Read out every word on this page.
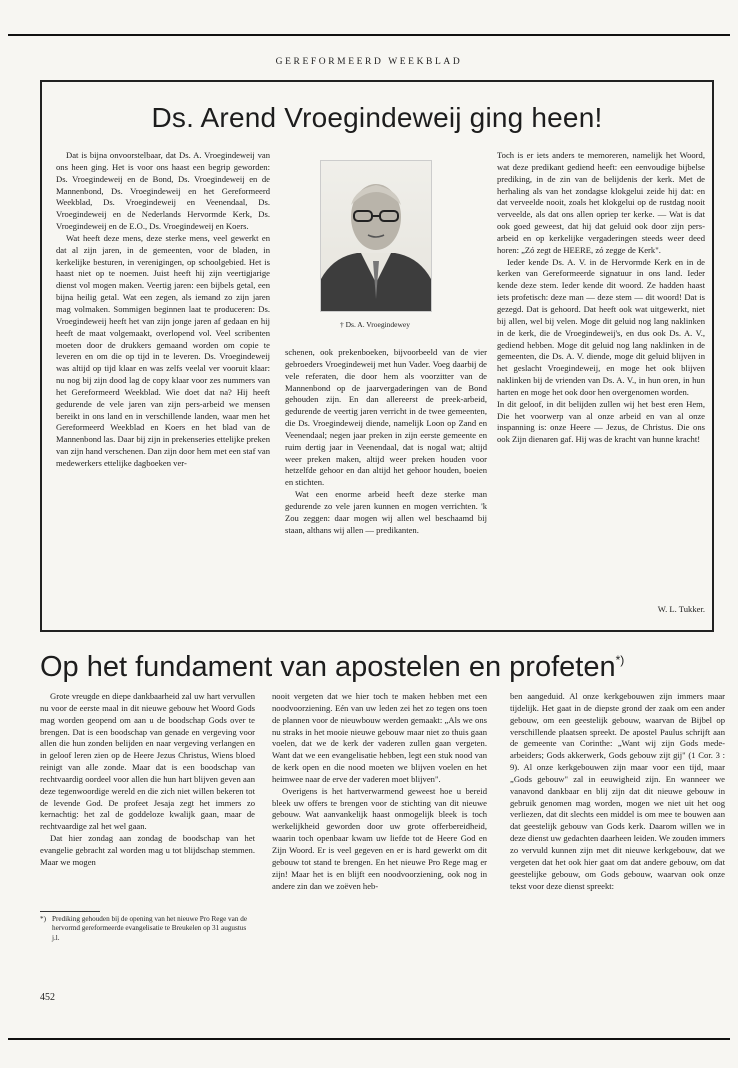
GEREFORMEERD WEEKBLAD
Ds. Arend Vroegindeweij ging heen!

Dat is bijna onvoorstelbaar, dat Ds. A. Vroegindeweij van ons heen ging. Het is voor ons haast een begrip geworden: Ds. Vroegindeweij en de Bond, Ds. Vroegindeweij en de Mannenbond, Ds. Vroegindeweij en het Gereformeerd Weekblad, Ds. Vroegindeweij en Veenendaal, Ds. Vroegindeweij en de Nederlands Hervormde Kerk, Ds. Vroegindeweij en de E.O., Ds. Vroegindeweij en Koers.

Wat heeft deze mens, deze sterke mens, veel gewerkt en dat al zijn jaren, in de gemeenten, voor de bladen, in kerkelijke besturen, in verenigingen, op schoolgebied. Het is haast niet op te noemen. Juist heeft hij zijn veertigjarige dienst vol mogen maken. Veertig jaren: een bijbels getal, een bijna heilig getal. Wat een zegen, als iemand zo zijn jaren mag volmaken. Sommigen beginnen laat te produceren: Ds. Vroegindeweij heeft het van zijn jonge jaren af gedaan en hij heeft de maat volgemaakt, overlopend vol. Veel scribenten moeten door de drukkers gemaand worden om copie te leveren en om die op tijd in te leveren. Ds. Vroegindeweij was altijd op tijd klaar en was zelfs veelal ver vooruit klaar: nu nog bij zijn dood lag de copy klaar voor zes nummers van het Gereformeerd Weekblad. Wie doet dat na? Hij heeft gedurende de vele jaren van zijn pers-arbeid we mensen bereikt in ons land en in verschillende landen, waar men het Gereformeerd Weekblad en Koers en het blad van de Mannenbond las. Daar bij zijn in prekenseries ettelijke preken van zijn hand verschenen. Dan zijn door hem met een staf van medewerkers ettelijke dagboeken ver-

† Ds. A. Vroegindewey

schenen, ook prekenboeken, bijvoorbeeld van de vier gebroeders Vroegindeweij met hun Vader. Voeg daarbij de vele referaten, die door hem als voorzitter van de Mannenbond op de jaarvergaderingen van de Bond gehouden zijn. En dan allereerst de preek-arbeid, gedurende de veertig jaren verricht in de twee gemeenten, die Ds. Vroegindeweij diende, namelijk Loon op Zand en Veenendaal; negen jaar preken in zijn eerste gemeente en ruim dertig jaar in Veenendaal, dat is nogal wat; altijd weer preken maken, altijd weer preken houden voor hetzelfde gehoor en dan altijd het gehoor houden, boeien en stichten.

Wat een enorme arbeid heeft deze sterke man gedurende zo vele jaren kunnen en mogen verrichten. 'k Zou zeggen: daar mogen wij allen wel beschaamd bij staan, althans wij allen — predikanten.

Toch is er iets anders te memoreren, namelijk het Woord, wat deze predikant gediend heeft: een eenvoudige bijbelse prediking, in de zin van de belijdenis der kerk. Met de herhaling als van het zondagse klokgelui zeide hij dat: en dat verveelde nooit, zoals het klokgelui op de rustdag nooit verveelde, als dat ons allen opriep ter kerke. — Wat is dat ook goed geweest, dat hij dat geluid ook door zijn pers-arbeid en op kerkelijke vergaderingen steeds weer deed horen: „Zó zegt de HEERE, zó zegge de Kerk".

Ieder kende Ds. A. V. in de Hervormde Kerk en in de kerken van Gereformeerde signatuur in ons land. Ieder kende deze stem. Ieder kende dit woord. Ze hadden haast iets profetisch: deze man — deze stem — dit woord! Dat is gezegd. Dat is gehoord. Dat heeft ook wat uitgewerkt, niet bij allen, wel bij velen. Moge dit geluid nog lang naklinken in de kerk, die de Vroegindeweij's, en dus ook Ds. A. V., gediend hebben. Moge dit geluid nog lang naklinken in de gemeenten, die Ds. A. V. diende, moge dit geluid blijven in het geslacht Vroegindeweij, en moge het ook blijven naklinken bij de vrienden van Ds. A. V., in hun oren, in hun harten en moge het ook door hen overgenomen worden.

In dit geloof, in dit belijden zullen wij het best eren Hem, Die het voorwerp van al onze arbeid en van al onze inspanning is: onze Heere — Jezus, de Christus. Die ons ook Zijn dienaren gaf. Hij was de kracht van hunne kracht!

W. L. Tukker.
Op het fundament van apostelen en profeten*)

Grote vreugde en diepe dankbaarheid zal uw hart vervullen nu voor de eerste maal in dit nieuwe gebouw het Woord Gods mag worden geopend om aan u de boodschap Gods over te brengen. Dat is een boodschap van genade en vergeving voor allen die hun zonden belijden en naar vergeving verlangen en in geloof leren zien op de Heere Jezus Christus, Wiens bloed reinigt van alle zonde. Maar dat is een boodschap van rechtvaardig oordeel voor allen die hun hart blijven geven aan deze tegenwoordige wereld en die zich niet willen bekeren tot de levende God. De profeet Jesaja zegt het immers zo kernachtig: het zal de goddeloze kwalijk gaan, maar de rechtvaardige zal het wel gaan.

Dat hier zondag aan zondag de boodschap van het evangelie gebracht zal worden mag u tot blijdschap stemmen. Maar we mogen

*) Prediking gehouden bij de opening van het nieuwe Pro Rege van de hervormd gereformeerde evangelisatie te Breukelen op 31 augustus j.l.

nooit vergeten dat we hier toch te maken hebben met een noodvoorziening. Eén van uw leden zei het zo tegen ons toen de plannen voor de nieuwbouw werden gemaakt: „Als we ons nu straks in het mooie nieuwe gebouw maar niet zo thuis gaan voelen, dat we de kerk der vaderen zullen gaan vergeten. Want dat we een evangelisatie hebben, legt een stuk nood van de kerk open en die nood moeten we blijven voelen en het heimwee naar de erve der vaderen moet blijven".

Overigens is het hartverwarmend geweest hoe u bereid bleek uw offers te brengen voor de stichting van dit nieuwe gebouw. Wat aanvankelijk haast onmogelijk bleek is toch werkelijkheid geworden door uw grote offerbereidheid, waarin toch openbaar kwam uw liefde tot de Heere God en Zijn Woord. Er is veel gegeven en er is hard gewerkt om dit gebouw tot stand te brengen. En het nieuwe Pro Rege mag er zijn! Maar het is en blijft een noodvoorziening, ook nog in andere zin dan we zoëven heb-

ben aangeduid. Al onze kerkgebouwen zijn immers maar tijdelijk. Het gaat in de diepste grond der zaak om een ander gebouw, om een geestelijk gebouw, waarvan de Bijbel op verschillende plaatsen spreekt. De apostel Paulus schrijft aan de gemeente van Corinthe: „Want wij zijn Gods mede-arbeiders; Gods akkerwerk, Gods gebouw zijt gij" (1 Cor. 3 : 9). Al onze kerkgebouwen zijn maar voor een tijd, maar „Gods gebouw" zal in eeuwigheid zijn. En wanneer we vanavond dankbaar en blij zijn dat dit nieuwe gebouw in gebruik genomen mag worden, mogen we niet uit het oog verliezen, dat dit slechts een middel is om mee te bouwen aan dat geestelijk gebouw van Gods kerk. Daarom willen we in deze dienst uw gedachten daarheen leiden. We zouden immers zo vervuld kunnen zijn met dit nieuwe kerkgebouw, dat we vergeten dat het ook hier gaat om dat andere gebouw, om dat geestelijke gebouw, om Gods gebouw, waarvan ook onze tekst voor deze dienst spreekt:

452
